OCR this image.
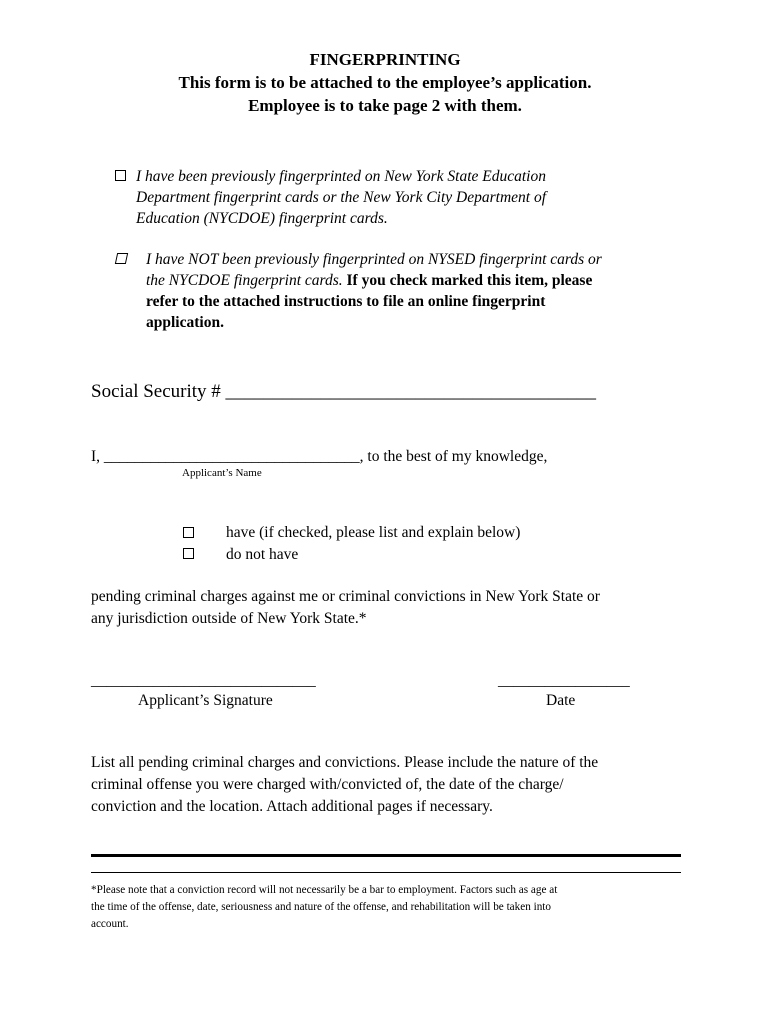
FINGERPRINTING
This form is to be attached to the employee’s application.
Employee is to take page 2 with them.
I have been previously fingerprinted on New York State Education
Department fingerprint cards or the New York City Department of
Education (NYCDOE) fingerprint cards.
I have NOT been previously fingerprinted on NYSED fingerprint cards or
the NYCDOE fingerprint cards. If you check marked this item, please
refer to the attached instructions to file an online fingerprint
application.
Social Security # _______________________________________
I, _________________________________, to the best of my knowledge,
Applicant’s Name
have (if checked, please list and explain below)
do not have
pending criminal charges against me or criminal convictions in New York State or
any jurisdiction outside of New York State.*
_____________________________
Applicant’s Signature
_________________
Date
List all pending criminal charges and convictions. Please include the nature of the
criminal offense you were charged with/convicted of, the date of the charge/
conviction and the location. Attach additional pages if necessary.
*Please note that a conviction record will not necessarily be a bar to employment. Factors such as age at
the time of the offense, date, seriousness and nature of the offense, and rehabilitation will be taken into
account.
